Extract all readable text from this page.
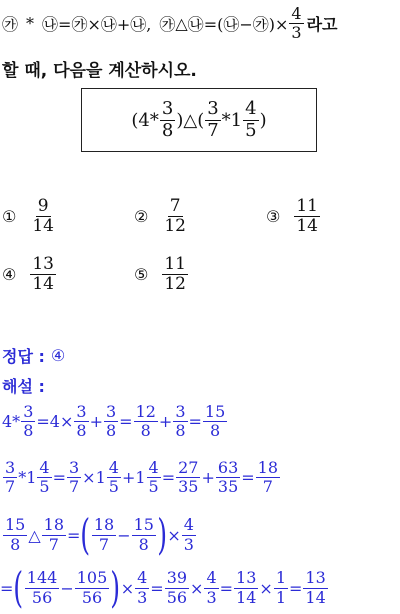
㉮ * ㉯ =㉮×㉯+㉯, ㉮ △ ㉯ =(㉯−㉮)× $\frac{4}{3}$ 라고
할 때, 다음을 계산하시오.
($4* \frac{3}{8}$ )△( $\frac{3}{7} *1 \frac{4}{5}$ )
① $\frac{9}{14}$	② $\frac{7}{12}$	③ $\frac{11}{14}$
④ $\frac{13}{14}$	⑤ $\frac{11}{12}$
정답 : ④
해설 :
$4* \frac{3}{8} =4\times \frac{3}{8} + \frac{3}{8} = \frac{12}{8} + \frac{3}{8} = \frac{15}{8}$
$\frac{3}{7} *1 \frac{4}{5} = \frac{3}{7} \times 1 \frac{4}{5} +1 \frac{4}{5} = \frac{27}{35} + \frac{63}{35} = \frac{18}{7}$
$\frac{15}{8}$ △ $\frac{18}{7}$ = ( $\frac{18}{7} - \frac{15}{8}$ ) × $\frac{4}{3}$
= ( $\frac{144}{56} - \frac{105}{56}$ ) × $\frac{4}{3} = \frac{39}{56} \times \frac{4}{3} = \frac{13}{14} \times \frac{1}{1} = \frac{13}{14}$
